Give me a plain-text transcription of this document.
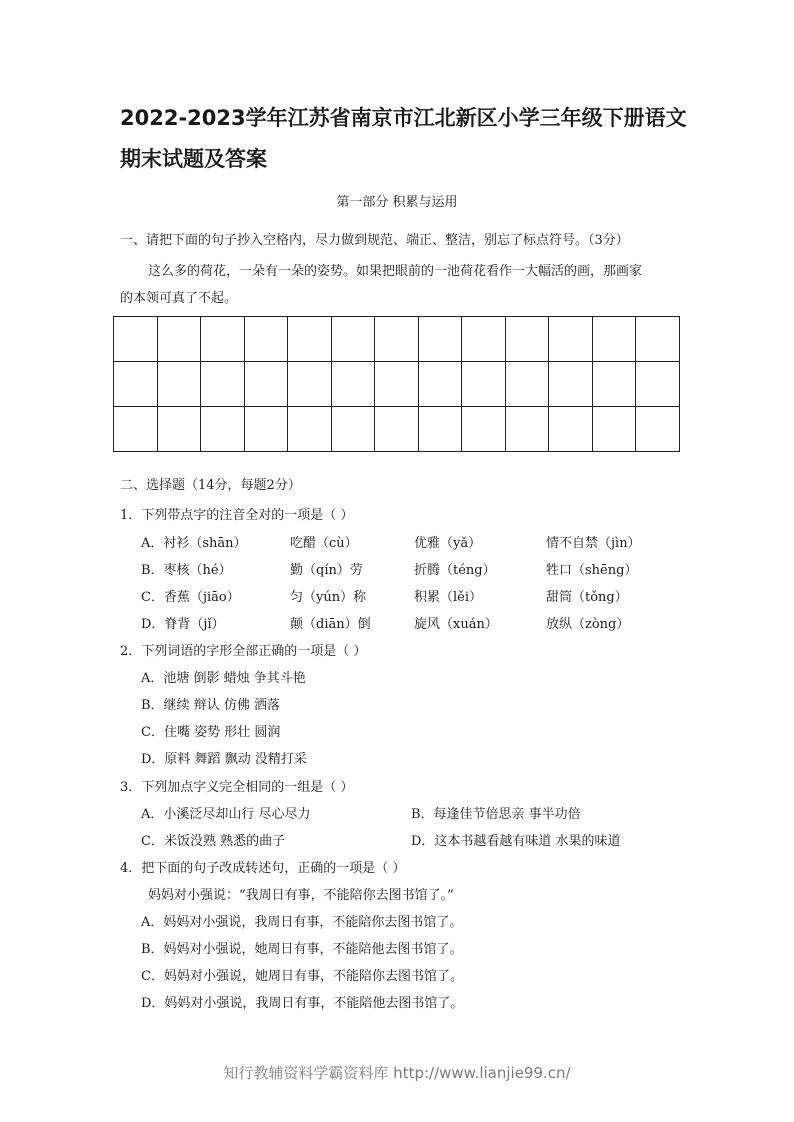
2022-2023学年江苏省南京市江北新区小学三年级下册语文
期末试题及答案
第一部分 积累与运用
一、请把下面的句子抄入空格内，尽力做到规范、端正、整洁，别忘了标点符号。（3分）
这么多的荷花，一朵有一朵的姿势。如果把眼前的一池荷花看作一大幅活的画，那画家
的本领可真了不起。

二、选择题（14分，每题2分）
1．下列带点字的注音全对的一项是（ ）
A．衬衫（shān）	吃醋（cù）	优雅（yǎ）	情不自禁（jìn）
B．枣核（hé）	勤（qín）劳	折腾（téng）	牲口（shēng）
C．香蕉（jiāo）	匀（yún）称	积累（lěi）	甜筒（tǒng）
D．脊背（jǐ）	颠（diān）倒	旋风（xuán）	放纵（zòng）
2．下列词语的字形全部正确的一项是（ ）
A．池塘 倒影 蜡烛 争其斗艳
B．继续 辩认 仿佛 洒落
C．住嘴 姿势 形壮 圆润
D．原料 舞蹈 飘动 没精打采
3．下列加点字义完全相同的一组是（ ）
A．小溪泛尽却山行 尽心尽力	B．每逢佳节倍思亲 事半功倍
C．米饭没熟 熟悉的曲子	D．这本书越看越有味道 水果的味道
4．把下面的句子改成转述句，正确的一项是（ ）
妈妈对小强说：“我周日有事，不能陪你去图书馆了。”
A．妈妈对小强说，我周日有事，不能陪你去图书馆了。
B．妈妈对小强说，她周日有事，不能陪他去图书馆了。
C．妈妈对小强说，她周日有事，不能陪你去图书馆了。
D．妈妈对小强说，我周日有事，不能陪他去图书馆了。
知行教辅资料学霸资料库 http://www.lianjie99.cn/
